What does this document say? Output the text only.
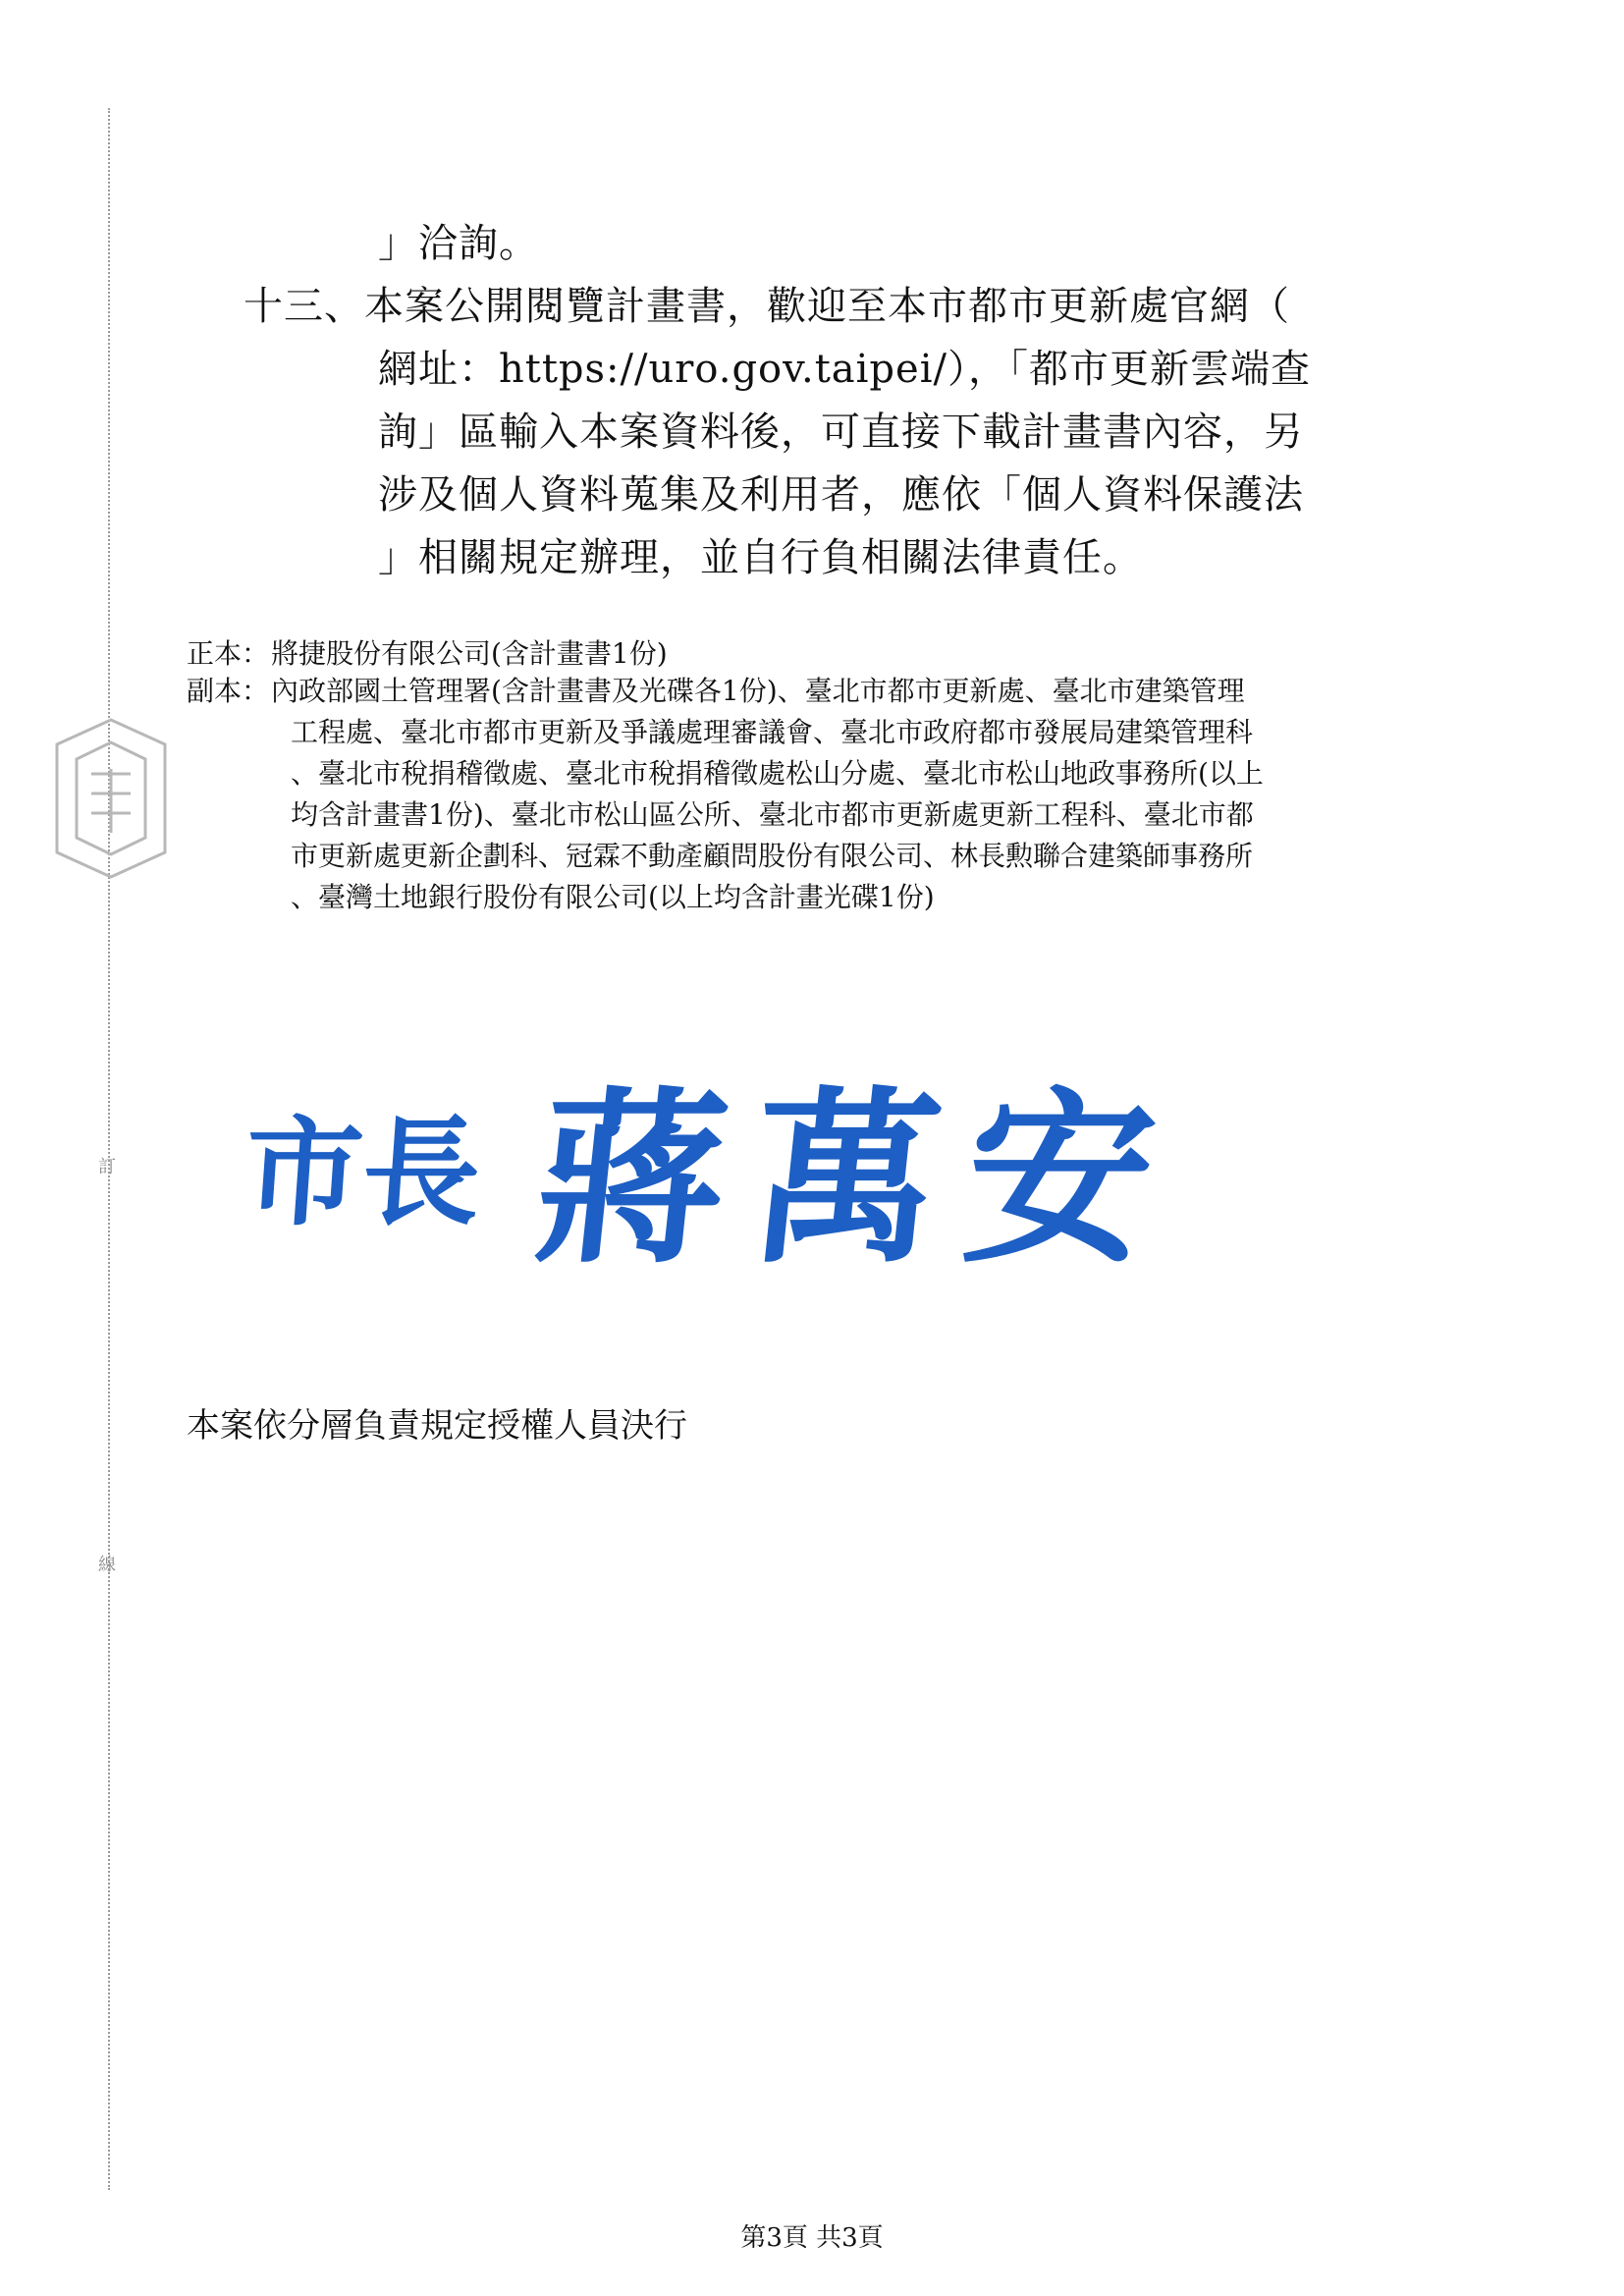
訂
線
」洽詢。
十三、本案公開閱覽計畫書，歡迎至本市都市更新處官網（
網址：https://uro.gov.taipei/），「都市更新雲端查
詢」區輸入本案資料後，可直接下載計畫書內容，另
涉及個人資料蒐集及利用者，應依「個人資料保護法
」相關規定辦理，並自行負相關法律責任。
正本： 將捷股份有限公司(含計畫書1份)
副本： 內政部國土管理署(含計畫書及光碟各1份)、臺北市都市更新處、臺北市建築管理
工程處、臺北市都市更新及爭議處理審議會、臺北市政府都市發展局建築管理科
、臺北市稅捐稽徵處、臺北市稅捐稽徵處松山分處、臺北市松山地政事務所(以上
均含計畫書1份)、臺北市松山區公所、臺北市都市更新處更新工程科、臺北市都
市更新處更新企劃科、冠霖不動產顧問股份有限公司、林長勲聯合建築師事務所
、臺灣土地銀行股份有限公司(以上均含計畫光碟1份)
市長 蔣萬安
本案依分層負責規定授權人員決行
第3頁 共3頁
